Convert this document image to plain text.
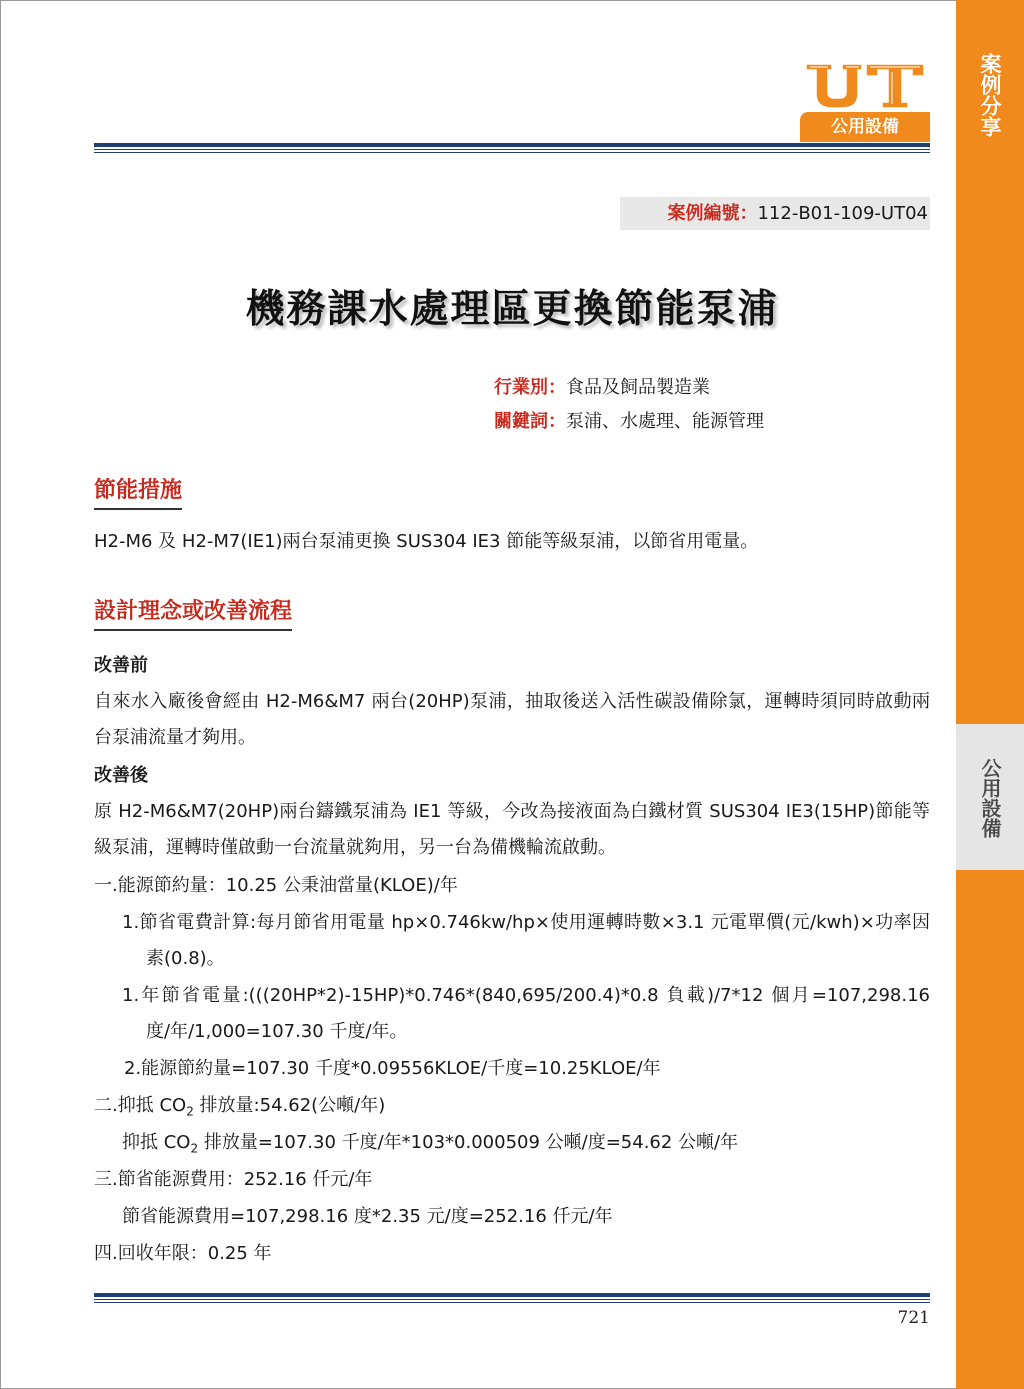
案例分享
公用設備
公用設備
案例編號：112-B01-109-UT04
機務課水處理區更換節能泵浦
行業別：食品及飼品製造業
關鍵詞：泵浦、水處理、能源管理
節能措施
H2-M6 及 H2-M7(IE1)兩台泵浦更換 SUS304 IE3 節能等級泵浦，以節省用電量。
設計理念或改善流程
改善前
自來水入廠後會經由 H2-M6&M7 兩台(20HP)泵浦，抽取後送入活性碳設備除氯，運轉時須同時啟動兩台泵浦流量才夠用。
改善後
原 H2-M6&M7(20HP)兩台鑄鐵泵浦為 IE1 等級，今改為接液面為白鐵材質 SUS304 IE3(15HP)節能等級泵浦，運轉時僅啟動一台流量就夠用，另一台為備機輪流啟動。
一.能源節約量：10.25 公秉油當量(KLOE)/年
1.節省電費計算:每月節省用電量 hp×0.746kw/hp×使用運轉時數×3.1 元電單價(元/kwh)×功率因素(0.8)。
1.年節省電量:(((20HP*2)-15HP)*0.746*(840,695/200.4)*0.8 負載)/7*12 個月=107,298.16 度/年/1,000=107.30 千度/年。
2.能源節約量=107.30 千度*0.09556KLOE/千度=10.25KLOE/年
二.抑抵 $CO_2$ 排放量:54.62(公噸/年)
抑抵 $CO_2$ 排放量=107.30 千度/年*103*0.000509 公噸/度=54.62 公噸/年
三.節省能源費用：252.16 仟元/年
節省能源費用=107,298.16 度*2.35 元/度=252.16 仟元/年
四.回收年限：0.25 年
721
